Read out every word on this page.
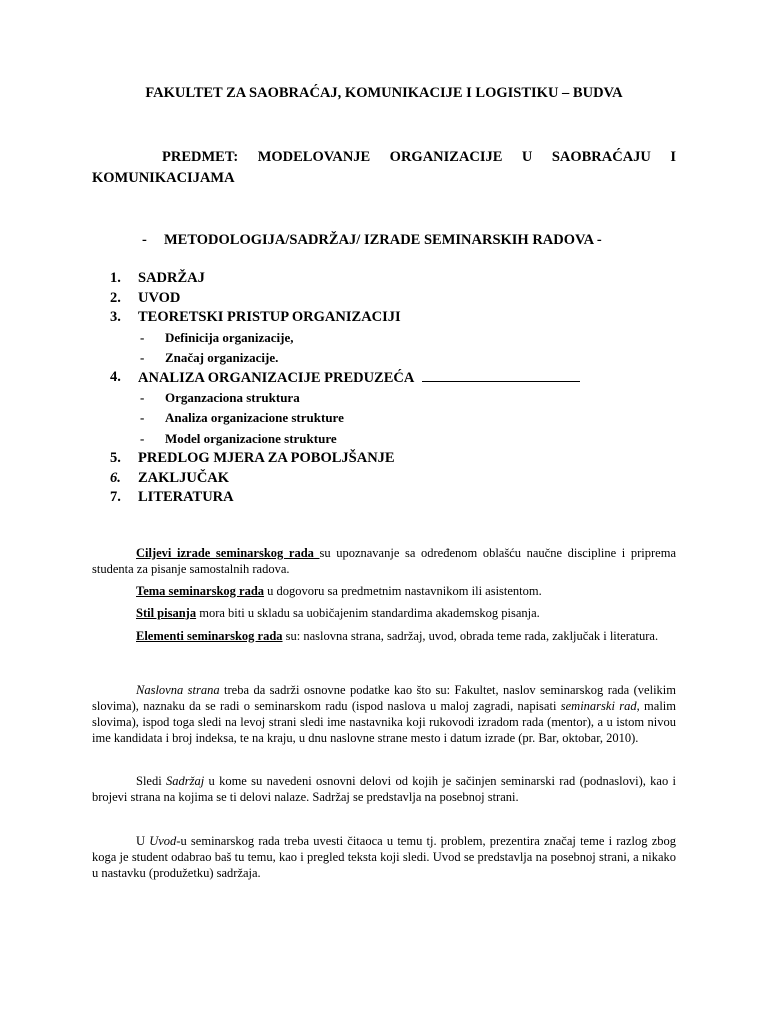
FAKULTET ZA SAOBRAĆAJ, KOMUNIKACIJE I LOGISTIKU – BUDVA
PREDMET: MODELOVANJE ORGANIZACIJE U SAOBRAĆAJU I
KOMUNIKACIJAMA
- METODOLOGIJA/SADRŽAJ/ IZRADE SEMINARSKIH RADOVA -
1. SADRŽAJ
2. UVOD
3. TEORETSKI PRISTUP ORGANIZACIJI
- Definicija organizacije,
- Značaj organizacije.
4. ANALIZA ORGANIZACIJE PREDUZEĆA
- Organzaciona struktura
- Analiza organizacione strukture
- Model organizacione strukture
5. PREDLOG MJERA ZA POBOLJŠANJE
6. ZAKLJUČAK
7. LITERATURA
Ciljevi izrade seminarskog rada su upoznavanje sa određenom oblašću naučne discipline i priprema studenta za pisanje samostalnih radova.
Tema seminarskog rada u dogovoru sa predmetnim nastavnikom ili asistentom.
Stil pisanja mora biti u skladu sa uobičajenim standardima akademskog pisanja.
Elementi seminarskog rada su: naslovna strana, sadržaj, uvod, obrada teme rada, zaključak i literatura.
Naslovna strana treba da sadrži osnovne podatke kao što su: Fakultet, naslov seminarskog rada (velikim slovima), naznaku da se radi o seminarskom radu (ispod naslova u maloj zagradi, napisati seminarski rad, malim slovima), ispod toga sledi na levoj strani sledi ime nastavnika koji rukovodi izradom rada (mentor), a u istom nivou ime kandidata i broj indeksa, te na kraju, u dnu naslovne strane mesto i datum izrade (pr. Bar, oktobar, 2010).
Sledi Sadržaj u kome su navedeni osnovni delovi od kojih je sačinjen seminarski rad (podnaslovi), kao i brojevi strana na kojima se ti delovi nalaze. Sadržaj se predstavlja na posebnoj strani.
U Uvod-u seminarskog rada treba uvesti čitaoca u temu tj. problem, prezentira značaj teme i razlog zbog koga je student odabrao baš tu temu, kao i pregled teksta koji sledi. Uvod se predstavlja na posebnoj strani, a nikako u nastavku (produžetku) sadržaja.
